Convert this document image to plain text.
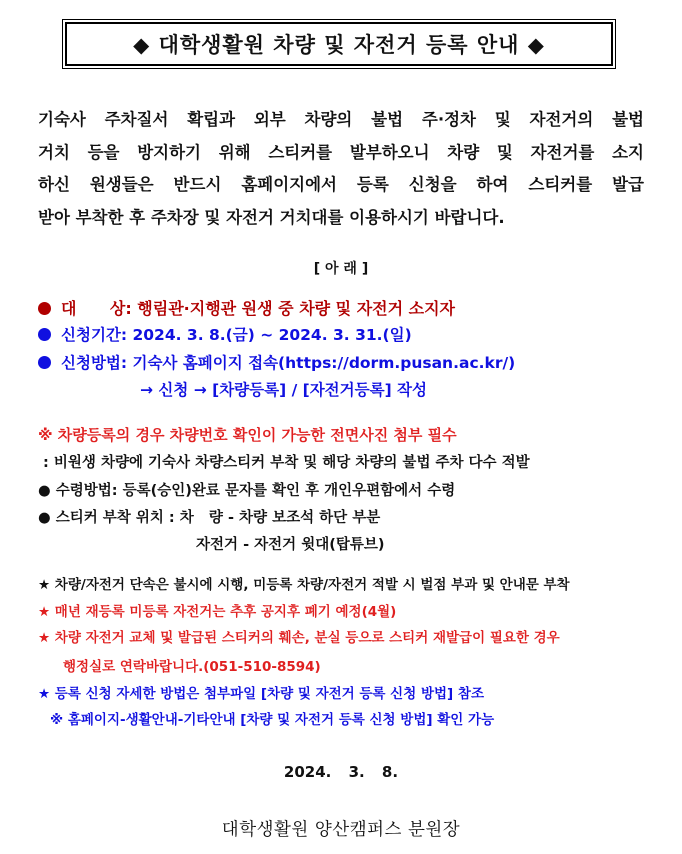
◆ 대학생활원 차량 및 자전거 등록 안내 ◆
기숙사 주차질서 확립과 외부 차량의 불법 주·정차 및 자전거의 불법
거치 등을 방지하기 위해 스티커를 발부하오니 차량 및 자전거를 소지
하신 원생들은 반드시 홈페이지에서 등록 신청을 하여 스티커를 발급
받아 부착한 후 주차장 및 자전거 거치대를 이용하시기 바랍니다.
[ 아 래 ]
대      상: 행림관·지행관 원생 중 차량 및 자전거 소지자
신청기간: 2024. 3. 8.(금) ~ 2024. 3. 31.(일)
신청방법: 기숙사 홈페이지 접속(https://dorm.pusan.ac.kr/)
→ 신청 → [차량등록] / [자전거등록] 작성
※ 차량등록의 경우 차량번호 확인이 가능한 전면사진 첨부 필수
: 비원생 차량에 기숙사 차량스티커 부착 및 해당 차량의 불법 주차 다수 적발
● 수령방법: 등록(승인)완료 문자를 확인 후 개인우편함에서 수령
● 스티커 부착 위치 : 차   량 - 차량 보조석 하단 부분
자전거 - 자전거 윗대(탑튜브)
★ 차량/자전거 단속은 불시에 시행, 미등록 차량/자전거 적발 시 벌점 부과 및 안내문 부착
★ 매년 재등록 미등록 자전거는 추후 공지후 폐기 예정(4월)
★ 차량 자전거 교체 및 발급된 스티커의 훼손, 분실 등으로 스티커 재발급이 필요한 경우
행정실로 연락바랍니다.(051-510-8594)
★ 등록 신청 자세한 방법은 첨부파일 [차량 및 자전거 등록 신청 방법] 참조
※ 홈페이지-생활안내-기타안내 [차량 및 자전거 등록 신청 방법] 확인 가능
2024. 3. 8.
대학생활원 양산캠퍼스 분원장
